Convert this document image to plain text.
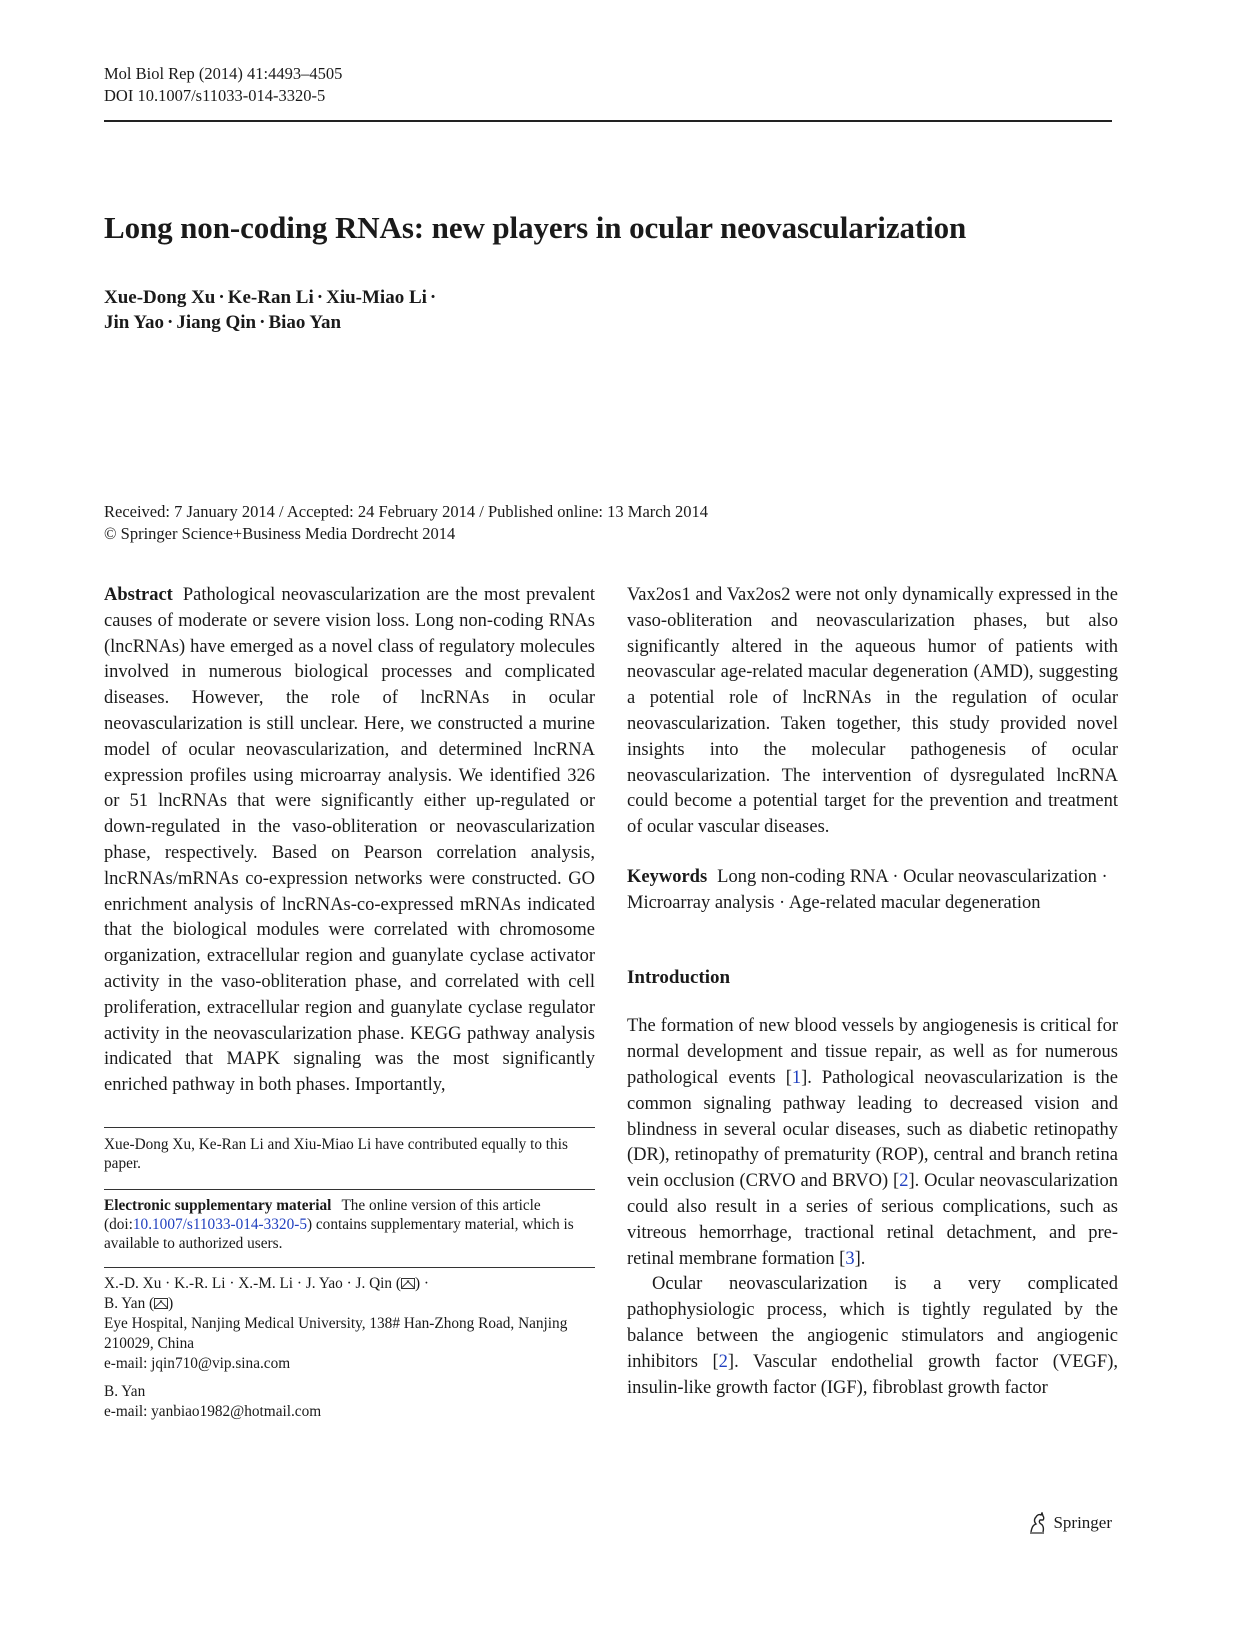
Mol Biol Rep (2014) 41:4493–4505
DOI 10.1007/s11033-014-3320-5
Long non-coding RNAs: new players in ocular neovascularization
Xue-Dong Xu · Ke-Ran Li · Xiu-Miao Li ·
Jin Yao · Jiang Qin · Biao Yan
Received: 7 January 2014 / Accepted: 24 February 2014 / Published online: 13 March 2014
© Springer Science+Business Media Dordrecht 2014

Abstract Pathological neovascularization are the most prevalent causes of moderate or severe vision loss. Long non-coding RNAs (lncRNAs) have emerged as a novel class of regulatory molecules involved in numerous biological processes and complicated diseases. However, the role of lncRNAs in ocular neovascularization is still unclear. Here, we constructed a murine model of ocular neovascularization, and determined lncRNA expression profiles using microarray analysis. We identified 326 or 51 lncRNAs that were significantly either up-regulated or down-regulated in the vaso-obliteration or neovascularization phase, respectively. Based on Pearson correlation analysis, lncRNAs/mRNAs co-expression networks were constructed. GO enrichment analysis of lncRNAs-co-expressed mRNAs indicated that the biological modules were correlated with chromosome organization, extracellular region and guanylate cyclase activator activity in the vaso-obliteration phase, and correlated with cell proliferation, extracellular region and guanylate cyclase regulator activity in the neovascularization phase. KEGG pathway analysis indicated that MAPK signaling was the most significantly enriched pathway in both phases. Importantly,

Xue-Dong Xu, Ke-Ran Li and Xiu-Miao Li have contributed equally to this paper.
Electronic supplementary material The online version of this article (doi:10.1007/s11033-014-3320-5) contains supplementary material, which is available to authorized users.
X.-D. Xu · K.-R. Li · X.-M. Li · J. Yao · J. Qin ( ) ·
B. Yan ( )
Eye Hospital, Nanjing Medical University, 138# Han-Zhong Road, Nanjing 210029, China
e-mail: jqin710@vip.sina.com
B. Yan
e-mail: yanbiao1982@hotmail.com

Vax2os1 and Vax2os2 were not only dynamically expressed in the vaso-obliteration and neovascularization phases, but also significantly altered in the aqueous humor of patients with neovascular age-related macular degeneration (AMD), suggesting a potential role of lncRNAs in the regulation of ocular neovascularization. Taken together, this study provided novel insights into the molecular pathogenesis of ocular neovascularization. The intervention of dysregulated lncRNA could become a potential target for the prevention and treatment of ocular vascular diseases.

Keywords Long non-coding RNA · Ocular neovascularization · Microarray analysis · Age-related macular degeneration

Introduction

The formation of new blood vessels by angiogenesis is critical for normal development and tissue repair, as well as for numerous pathological events [1]. Pathological neovascularization is the common signaling pathway leading to decreased vision and blindness in several ocular diseases, such as diabetic retinopathy (DR), retinopathy of prematurity (ROP), central and branch retina vein occlusion (CRVO and BRVO) [2]. Ocular neovascularization could also result in a series of serious complications, such as vitreous hemorrhage, tractional retinal detachment, and pre-retinal membrane formation [3].

Ocular neovascularization is a very complicated pathophysiologic process, which is tightly regulated by the balance between the angiogenic stimulators and angiogenic inhibitors [2]. Vascular endothelial growth factor (VEGF), insulin-like growth factor (IGF), fibroblast growth factor

Springer
